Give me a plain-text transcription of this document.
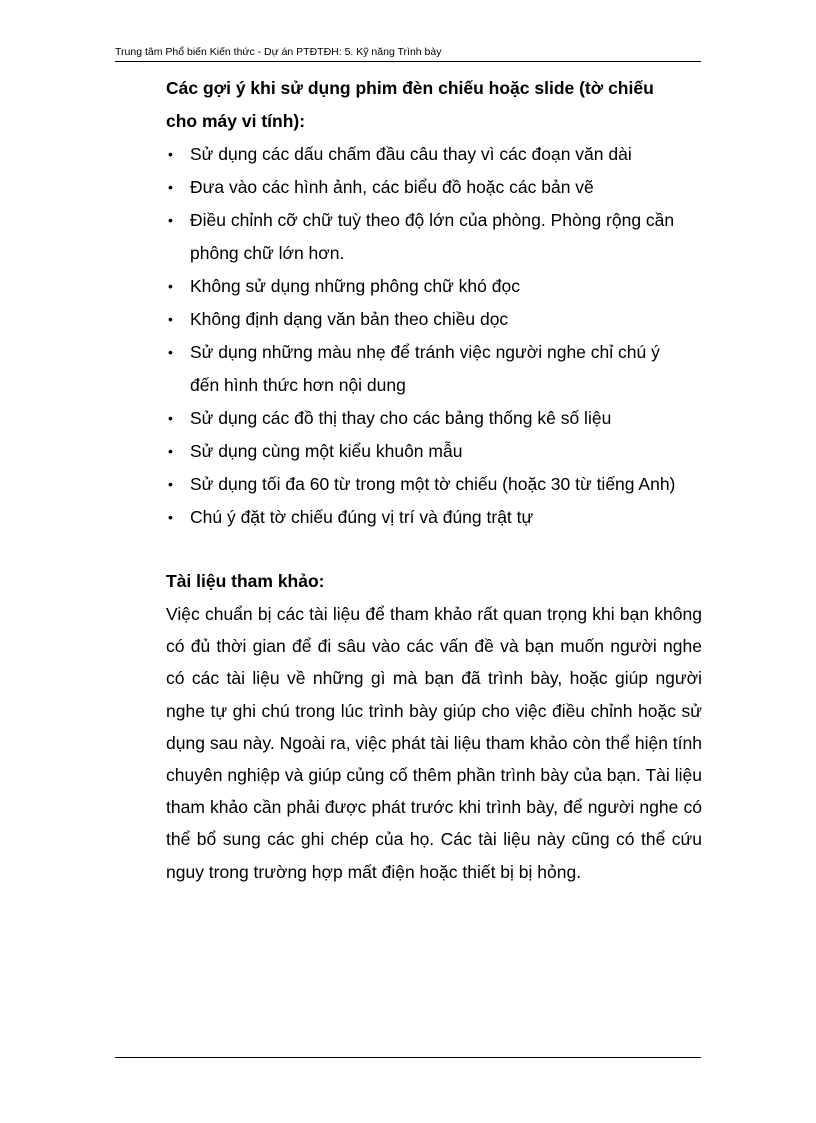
Trung tâm Phổ biến Kiến thức - Dự án PTĐTĐH: 5. Kỹ năng Trình bày

Các gợi ý khi sử dụng phim đèn chiếu hoặc slide (tờ chiếu cho máy vi tính):

• Sử dụng các dấu chấm đầu câu thay vì các đoạn văn dài
• Đưa vào các hình ảnh, các biểu đồ hoặc các bản vẽ
• Điều chỉnh cỡ chữ tuỳ theo độ lớn của phòng. Phòng rộng cần phông chữ lớn hơn.
• Không sử dụng những phông chữ khó đọc
• Không định dạng văn bản theo chiều dọc
• Sử dụng những màu nhẹ để tránh việc người nghe chỉ chú ý đến hình thức hơn nội dung
• Sử dụng các đồ thị thay cho các bảng thống kê số liệu
• Sử dụng cùng một kiểu khuôn mẫu
• Sử dụng tối đa 60 từ trong một tờ chiếu (hoặc 30 từ tiếng Anh)
• Chú ý đặt tờ chiếu đúng vị trí và đúng trật tự

Tài liệu tham khảo:

Việc chuẩn bị các tài liệu để tham khảo rất quan trọng khi bạn không có đủ thời gian để đi sâu vào các vấn đề và bạn muốn người nghe có các tài liệu về những gì mà bạn đã trình bày, hoặc giúp người nghe tự ghi chú trong lúc trình bày giúp cho việc điều chỉnh hoặc sử dụng sau này. Ngoài ra, việc phát tài liệu tham khảo còn thể hiện tính chuyên nghiệp và giúp củng cố thêm phần trình bày của bạn. Tài liệu tham khảo cần phải được phát trước khi trình bày, để người nghe có thể bổ sung các ghi chép của họ. Các tài liệu này cũng có thể cứu nguy trong trường hợp mất điện hoặc thiết bị bị hỏng.
